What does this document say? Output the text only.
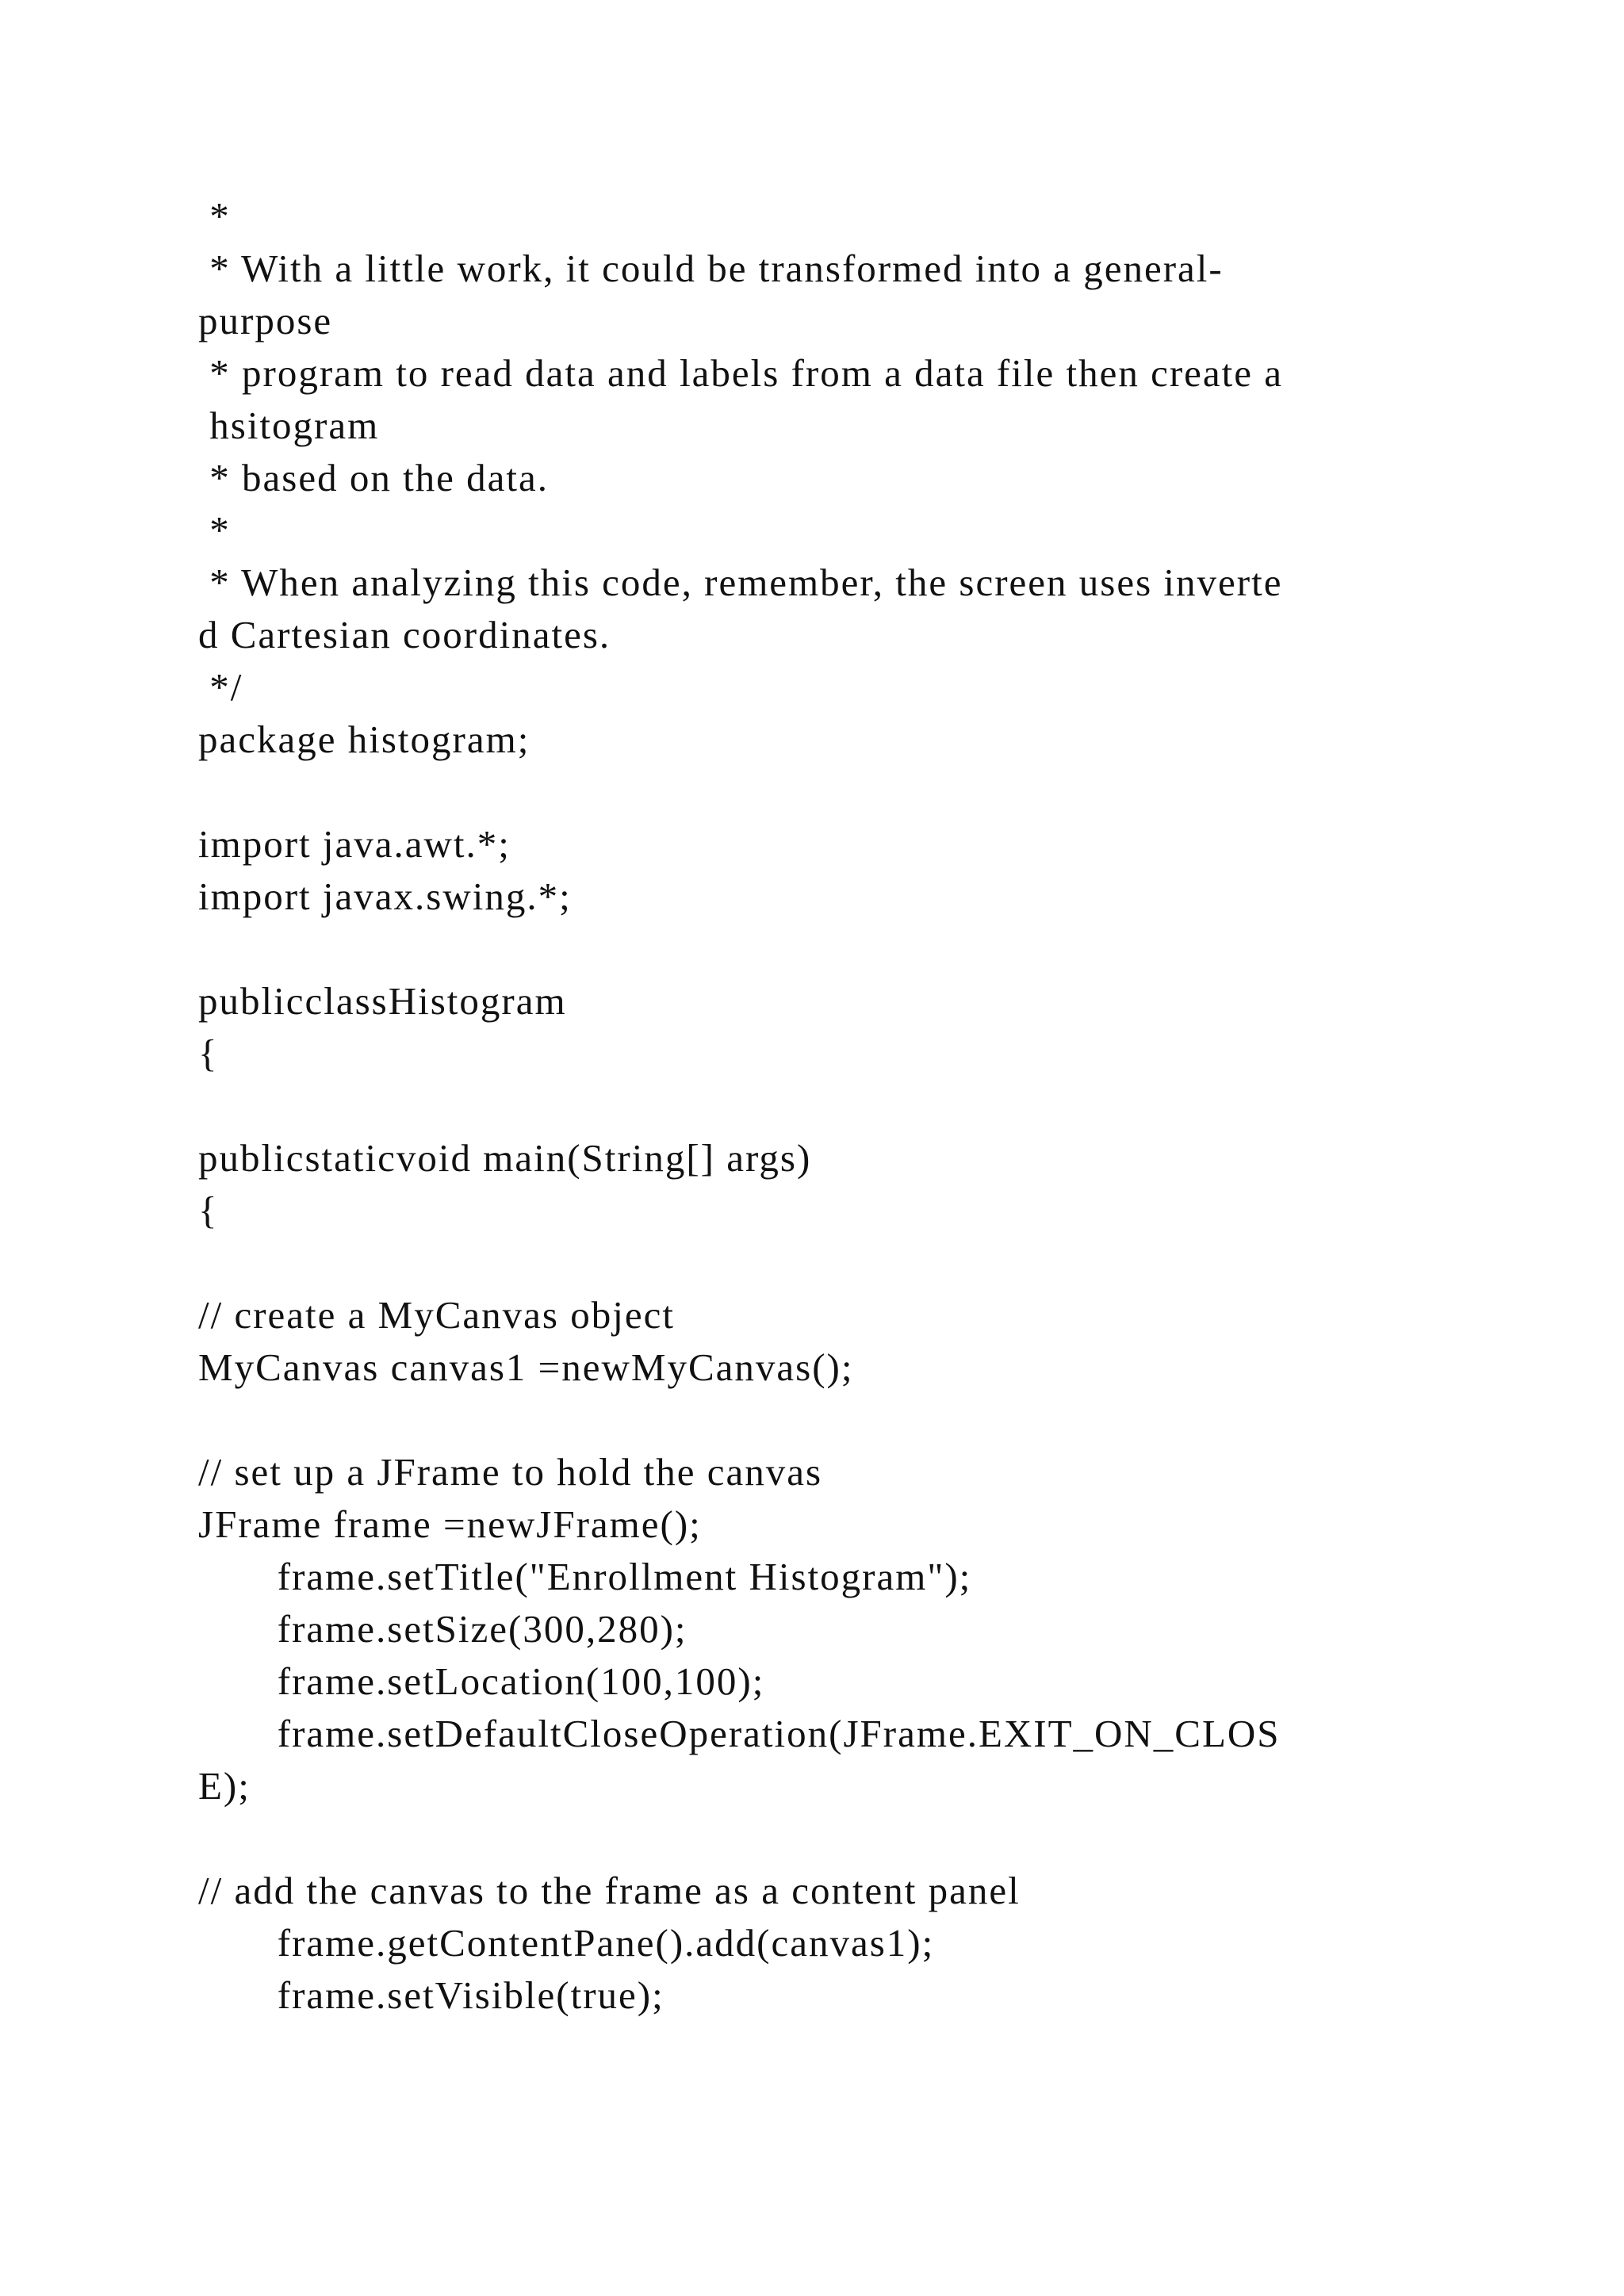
*
* With a little work, it could be transformed into a general-
purpose
* program to read data and labels from a data file then create a
hsitogram
* based on the data.
*
* When analyzing this code, remember, the screen uses inverte
d Cartesian coordinates.
*/
package histogram;
import java.awt.*;
import javax.swing.*;
publicclassHistogram
{
publicstaticvoid main(String[] args)
{
// create a MyCanvas object
MyCanvas canvas1 =newMyCanvas();
// set up a JFrame to hold the canvas
JFrame frame =newJFrame();
frame.setTitle("Enrollment Histogram");
frame.setSize(300,280);
frame.setLocation(100,100);
frame.setDefaultCloseOperation(JFrame.EXIT_ON_CLOS
E);
// add the canvas to the frame as a content panel
frame.getContentPane().add(canvas1);
frame.setVisible(true);
